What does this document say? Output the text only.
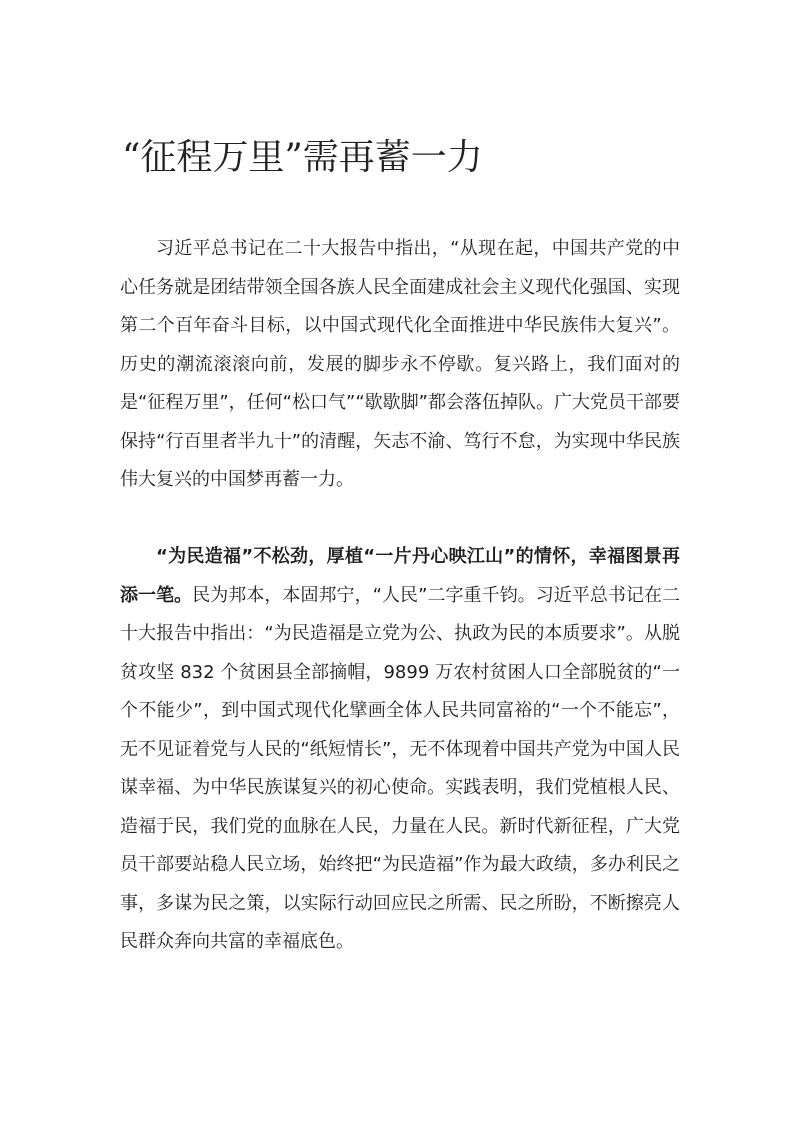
“征程万里”需再蓄一力

习近平总书记在二十大报告中指出，“从现在起，中国共产党的中心任务就是团结带领全国各族人民全面建成社会主义现代化强国、实现第二个百年奋斗目标，以中国式现代化全面推进中华民族伟大复兴”。历史的潮流滚滚向前，发展的脚步永不停歇。复兴路上，我们面对的是“征程万里”，任何“松口气”“歇歇脚”都会落伍掉队。广大党员干部要保持“行百里者半九十”的清醒，矢志不渝、笃行不怠，为实现中华民族伟大复兴的中国梦再蓄一力。

“为民造福”不松劲，厚植“一片丹心映江山”的情怀，幸福图景再添一笔。民为邦本，本固邦宁，“人民”二字重千钧。习近平总书记在二十大报告中指出：“为民造福是立党为公、执政为民的本质要求”。从脱贫攻坚 832 个贫困县全部摘帽，9899 万农村贫困人口全部脱贫的“一个不能少”，到中国式现代化擘画全体人民共同富裕的“一个不能忘”，无不见证着党与人民的“纸短情长”，无不体现着中国共产党为中国人民谋幸福、为中华民族谋复兴的初心使命。实践表明，我们党植根人民、造福于民，我们党的血脉在人民，力量在人民。新时代新征程，广大党员干部要站稳人民立场，始终把“为民造福”作为最大政绩，多办利民之事，多谋为民之策，以实际行动回应民之所需、民之所盼，不断擦亮人民群众奔向共富的幸福底色。
